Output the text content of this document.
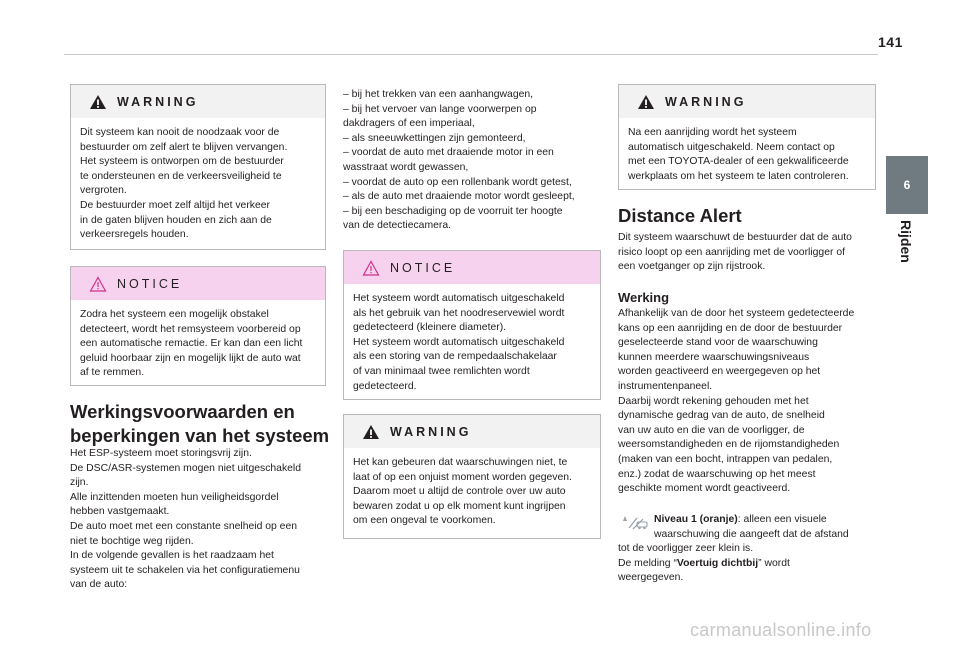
141
6
Rijden
WARNING
Dit systeem kan nooit de noodzaak voor de
bestuurder om zelf alert te blijven vervangen.
Het systeem is ontworpen om de bestuurder
te ondersteunen en de verkeersveiligheid te
vergroten.
De bestuurder moet zelf altijd het verkeer
in de gaten blijven houden en zich aan de
verkeersregels houden.
NOTICE
Zodra het systeem een mogelijk obstakel
detecteert, wordt het remsysteem voorbereid op
een automatische remactie. Er kan dan een licht
geluid hoorbaar zijn en mogelijk lijkt de auto wat
af te remmen.
Werkingsvoorwaarden en beperkingen van het systeem
Het ESP-systeem moet storingsvrij zijn.
De DSC/ASR-systemen mogen niet uitgeschakeld
zijn.
Alle inzittenden moeten hun veiligheidsgordel
hebben vastgemaakt.
De auto moet met een constante snelheid op een
niet te bochtige weg rijden.
In de volgende gevallen is het raadzaam het
systeem uit te schakelen via het configuratiemenu
van de auto:
– bij het trekken van een aanhangwagen,
– bij het vervoer van lange voorwerpen op
dakdragers of een imperiaal,
– als sneeuwkettingen zijn gemonteerd,
– voordat de auto met draaiende motor in een
wasstraat wordt gewassen,
– voordat de auto op een rollenbank wordt getest,
– als de auto met draaiende motor wordt gesleept,
– bij een beschadiging op de voorruit ter hoogte
van de detectiecamera.
NOTICE
Het systeem wordt automatisch uitgeschakeld
als het gebruik van het noodreservewiel wordt
gedetecteerd (kleinere diameter).
Het systeem wordt automatisch uitgeschakeld
als een storing van de rempedaalschakelaar
of van minimaal twee remlichten wordt
gedetecteerd.
WARNING
Het kan gebeuren dat waarschuwingen niet, te
laat of op een onjuist moment worden gegeven.
Daarom moet u altijd de controle over uw auto
bewaren zodat u op elk moment kunt ingrijpen
om een ongeval te voorkomen.
WARNING
Na een aanrijding wordt het systeem
automatisch uitgeschakeld. Neem contact op
met een TOYOTA-dealer of een gekwalificeerde
werkplaats om het systeem te laten controleren.
Distance Alert
Dit systeem waarschuwt de bestuurder dat de auto
risico loopt op een aanrijding met de voorligger of
een voetganger op zijn rijstrook.
Werking
Afhankelijk van de door het systeem gedetecteerde
kans op een aanrijding en de door de bestuurder
geselecteerde stand voor de waarschuwing
kunnen meerdere waarschuwingsniveaus
worden geactiveerd en weergegeven op het
instrumentenpaneel.
Daarbij wordt rekening gehouden met het
dynamische gedrag van de auto, de snelheid
van uw auto en die van de voorligger, de
weersomstandigheden en de rijomstandigheden
(maken van een bocht, intrappen van pedalen,
enz.) zodat de waarschuwing op het meest
geschikte moment wordt geactiveerd.
Niveau 1 (oranje): alleen een visuele
waarschuwing die aangeeft dat de afstand
tot de voorligger zeer klein is.
De melding “Voertuig dichtbij” wordt
weergegeven.
carmanualsonline.info
